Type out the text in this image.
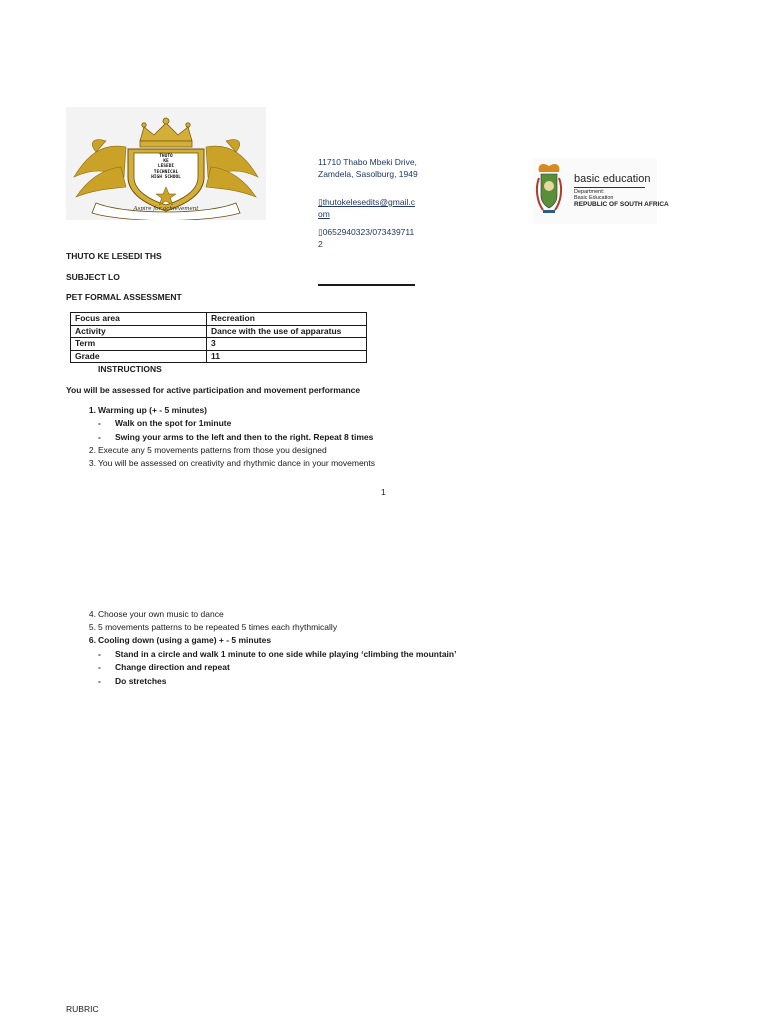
THUTO
KE
LESEDI
TECHNICAL
HIGH SCHOOL
Aspire for achievement
11710 Thabo Mbeki Drive, Zamdela, Sasolburg, 1949
▯thutokelesedits@gmail.com
▯0652940323/0734397112
basic education
Department:
Basic Education
REPUBLIC OF SOUTH AFRICA
THUTO KE LESEDI THS
SUBJECT LO
PET FORMAL ASSESSMENT
Focus area	Recreation
Activity	Dance with the use of apparatus
Term	3
Grade	11
INSTRUCTIONS
You will be assessed for active participation and movement performance
1. Warming up (+ - 5 minutes)
- Walk on the spot for 1minute
- Swing your arms to the left and then to the right. Repeat 8 times
2. Execute any 5 movements patterns from those you designed
3. You will be assessed on creativity and rhythmic dance in your movements
1
4. Choose your own music to dance
5. 5 movements patterns to be repeated 5 times each rhythmically
6. Cooling down (using a game) + - 5 minutes
- Stand in a circle and walk 1 minute to one side while playing ‘climbing the mountain’
- Change direction and repeat
- Do stretches
RUBRIC
